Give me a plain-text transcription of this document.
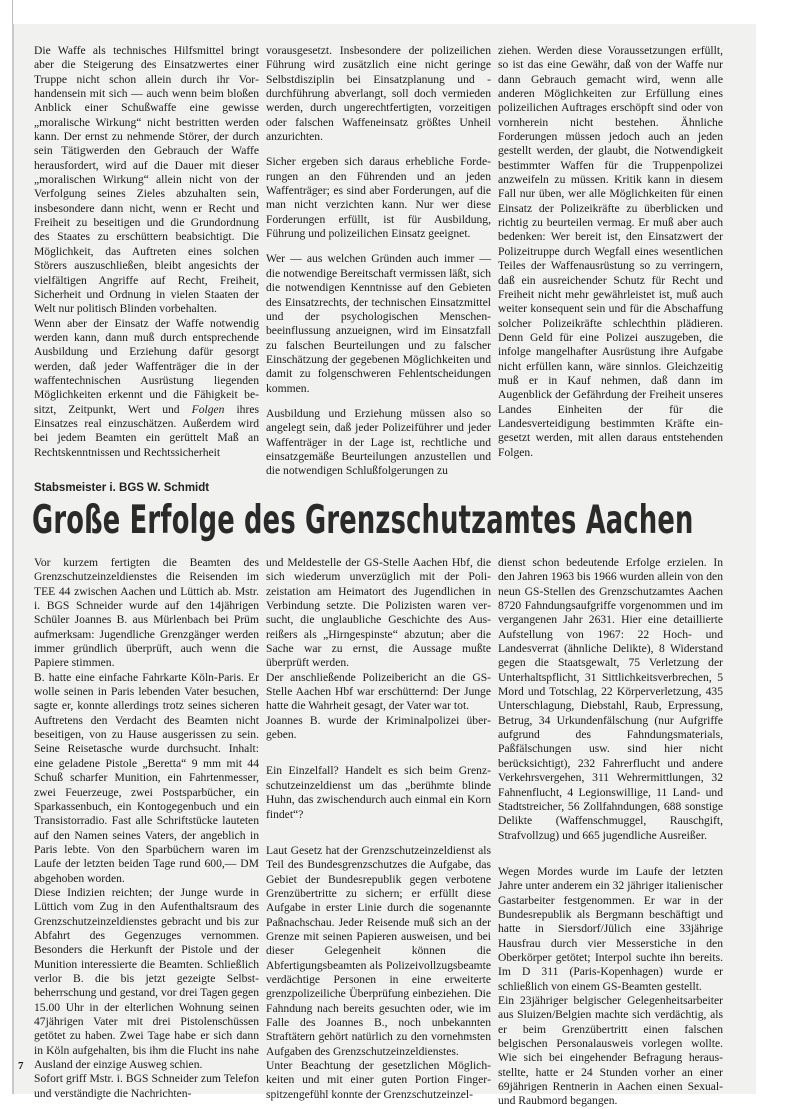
Die Waffe als technisches Hilfsmittel bringt aber die Steigerung des Einsatzwertes einer Truppe nicht schon allein durch ihr Vorhandensein mit sich — auch wenn beim bloßen Anblick einer Schußwaffe eine gewisse „moralische Wirkung“ nicht bestritten werden kann. Der ernst zu nehmende Störer, der durch sein Tätigwerden den Gebrauch der Waffe herausfordert, wird auf die Dauer mit dieser „moralischen Wirkung“ allein nicht von der Verfolgung seines Zieles abzuhalten sein, insbesondere dann nicht, wenn er Recht und Freiheit zu beseitigen und die Grundordnung des Staates zu erschüttern beabsichtigt. Die Möglichkeit, das Auftreten eines solchen Störers auszuschließen, bleibt angesichts der vielfältigen Angriffe auf Recht, Freiheit, Sicherheit und Ordnung in vielen Staaten der Welt nur politisch Blinden vorbehalten.

Wenn aber der Einsatz der Waffe notwendig werden kann, dann muß durch entsprechende Ausbildung und Erziehung dafür gesorgt werden, daß jeder Waffenträger die in der waffentechnischen Ausrüstung liegenden Möglichkeiten erkennt und die Fähigkeit besitzt, Zeitpunkt, Wert und Folgen ihres Einsatzes real einzuschätzen. Außerdem wird bei jedem Beamten ein gerüttelt Maß an Rechtskenntnissen und Rechtssicherheit

vorausgesetzt. Insbesondere der polizeilichen Führung wird zusätzlich eine nicht geringe Selbstdisziplin bei Einsatzplanung und -durchführung abverlangt, soll doch vermieden werden, durch ungerechtfertigten, vorzeitigen oder falschen Waffeneinsatz größtes Unheil anzurichten.

Sicher ergeben sich daraus erhebliche Forderungen an den Führenden und an jeden Waffenträger; es sind aber Forderungen, auf die man nicht verzichten kann. Nur wer diese Forderungen erfüllt, ist für Ausbildung, Führung und polizeilichen Einsatz geeignet.

Wer — aus welchen Gründen auch immer — die notwendige Bereitschaft vermissen läßt, sich die notwendigen Kenntnisse auf den Gebieten des Einsatzrechts, der technischen Einsatzmittel und der psychologischen Menschenbeeinflussung anzueignen, wird im Einsatzfall zu falschen Beurteilungen und zu falscher Einschätzung der gegebenen Möglichkeiten und damit zu folgenschweren Fehlentscheidungen kommen.

Ausbildung und Erziehung müssen also so angelegt sein, daß jeder Polizeiführer und jeder Waffenträger in der Lage ist, rechtliche und einsatzgemäße Beurteilungen anzustellen und die notwendigen Schlußfolgerungen zu

ziehen. Werden diese Voraussetzungen erfüllt, so ist das eine Gewähr, daß von der Waffe nur dann Gebrauch gemacht wird, wenn alle anderen Möglichkeiten zur Erfüllung eines polizeilichen Auftrages erschöpft sind oder von vornherein nicht bestehen. Ähnliche Forderungen müssen jedoch auch an jeden gestellt werden, der glaubt, die Notwendigkeit bestimmter Waffen für die Truppenpolizei anzweifeln zu müssen. Kritik kann in diesem Fall nur üben, wer alle Möglichkeiten für einen Einsatz der Polizeikräfte zu überblicken und richtig zu beurteilen vermag. Er muß aber auch bedenken: Wer bereit ist, den Einsatzwert der Polizeitruppe durch Wegfall eines wesentlichen Teiles der Waffenausrüstung so zu verringern, daß ein ausreichender Schutz für Recht und Freiheit nicht mehr gewährleistet ist, muß auch weiter konsequent sein und für die Abschaffung solcher Polizeikräfte schlechthin plädieren. Denn Geld für eine Polizei auszugeben, die infolge mangelhafter Ausrüstung ihre Aufgabe nicht erfüllen kann, wäre sinnlos. Gleichzeitig muß er in Kauf nehmen, daß dann im Augenblick der Gefährdung der Freiheit unseres Landes Einheiten der für die Landesverteidigung bestimmten Kräfte eingesetzt werden, mit allen daraus entstehenden Folgen.

Stabsmeister i. BGS W. Schmidt
Große Erfolge des Grenzschutzamtes Aachen

Vor kurzem fertigten die Beamten des Grenzschutzeinzeldienstes die Reisenden im TEE 44 zwischen Aachen und Lüttich ab. Mstr. i. BGS Schneider wurde auf den 14jährigen Schüler Joannes B. aus Mürlenbach bei Prüm aufmerksam: Jugendliche Grenzgänger werden immer gründlich überprüft, auch wenn die Papiere stimmen.

B. hatte eine einfache Fahrkarte Köln-Paris. Er wolle seinen in Paris lebenden Vater besuchen, sagte er, konnte allerdings trotz seines sicheren Auftretens den Verdacht des Beamten nicht beseitigen, von zu Hause ausgerissen zu sein. Seine Reisetasche wurde durchsucht. Inhalt: eine geladene Pistole „Beretta“ 9 mm mit 44 Schuß scharfer Munition, ein Fahrtenmesser, zwei Feuerzeuge, zwei Postsparbücher, ein Sparkassenbuch, ein Kontogegenbuch und ein Transistorradio. Fast alle Schriftstücke lauteten auf den Namen seines Vaters, der angeblich in Paris lebte. Von den Sparbüchern waren im Laufe der letzten beiden Tage rund 600,— DM abgehoben worden.

Diese Indizien reichten; der Junge wurde in Lüttich vom Zug in den Aufenthaltsraum des Grenzschutzeinzeldienstes gebracht und bis zur Abfahrt des Gegenzuges vernommen. Besonders die Herkunft der Pistole und der Munition interessierte die Beamten. Schließlich verlor B. die bis jetzt gezeigte Selbstbeherrschung und gestand, vor drei Tagen gegen 15.00 Uhr in der elterlichen Wohnung seinen 47jährigen Vater mit drei Pistolenschüssen getötet zu haben. Zwei Tage habe er sich dann in Köln aufgehalten, bis ihm die Flucht ins nahe Ausland der einzige Ausweg schien.

Sofort griff Mstr. i. BGS Schneider zum Telefon und verständigte die Nachrichten-

und Meldestelle der GS-Stelle Aachen Hbf, die sich wiederum unverzüglich mit der Polizeistation am Heimatort des Jugendlichen in Verbindung setzte. Die Polizisten waren versucht, die unglaubliche Geschichte des Ausreißers als „Hirngespinste“ abzutun; aber die Sache war zu ernst, die Aussage mußte überprüft werden.

Der anschließende Polizeibericht an die GS-Stelle Aachen Hbf war erschütternd: Der Junge hatte die Wahrheit gesagt, der Vater war tot.

Joannes B. wurde der Kriminalpolizei übergeben.

Ein Einzelfall? Handelt es sich beim Grenzschutzeinzeldienst um das „berühmte blinde Huhn, das zwischendurch auch einmal ein Korn findet“?

Laut Gesetz hat der Grenzschutzeinzeldienst als Teil des Bundesgrenzschutzes die Aufgabe, das Gebiet der Bundesrepublik gegen verbotene Grenzübertritte zu sichern; er erfüllt diese Aufgabe in erster Linie durch die sogenannte Paßnachschau. Jeder Reisende muß sich an der Grenze mit seinen Papieren ausweisen, und bei dieser Gelegenheit können die Abfertigungsbeamten als Polizeivollzugsbeamte verdächtige Personen in eine erweiterte grenzpolizeiliche Überprüfung einbeziehen. Die Fahndung nach bereits gesuchten oder, wie im Falle des Joannes B., noch unbekannten Straftätern gehört natürlich zu den vornehmsten Aufgaben des Grenzschutzeinzeldienstes.

Unter Beachtung der gesetzlichen Möglichkeiten und mit einer guten Portion Fingerspitzengefühl konnte der Grenzschutzeinzel-

dienst schon bedeutende Erfolge erzielen. In den Jahren 1963 bis 1966 wurden allein von den neun GS-Stellen des Grenzschutzamtes Aachen 8720 Fahndungsaufgriffe vorgenommen und im vergangenen Jahr 2631. Hier eine detaillierte Aufstellung von 1967: 22 Hoch- und Landesverrat (ähnliche Delikte), 8 Widerstand gegen die Staatsgewalt, 75 Verletzung der Unterhaltspflicht, 31 Sittlichkeitsverbrechen, 5 Mord und Totschlag, 22 Körperverletzung, 435 Unterschlagung, Diebstahl, Raub, Erpressung, Betrug, 34 Urkundenfälschung (nur Aufgriffe aufgrund des Fahndungsmaterials, Paßfälschungen usw. sind hier nicht berücksichtigt), 232 Fahrerflucht und andere Verkehrsvergehen, 311 Wehrermittlungen, 32 Fahnenflucht, 4 Legionswillige, 11 Land- und Stadtstreicher, 56 Zollfahndungen, 688 sonstige Delikte (Waffenschmuggel, Rauschgift, Strafvollzug) und 665 jugendliche Ausreißer.

Wegen Mordes wurde im Laufe der letzten Jahre unter anderem ein 32 jähriger italienischer Gastarbeiter festgenommen. Er war in der Bundesrepublik als Bergmann beschäftigt und hatte in Siersdorf/Jülich eine 33jährige Hausfrau durch vier Messerstiche in den Oberkörper getötet; Interpol suchte ihn bereits. Im D 311 (Paris-Kopenhagen) wurde er schließlich von einem GS-Beamten gestellt.

Ein 23jähriger belgischer Gelegenheitsarbeiter aus Sluizen/Belgien machte sich verdächtig, als er beim Grenzübertritt einen falschen belgischen Personalausweis vorlegen wollte. Wie sich bei eingehender Befragung herausstellte, hatte er 24 Stunden vorher an einer 69jährigen Rentnerin in Aachen einen Sexual- und Raubmord begangen.

7
